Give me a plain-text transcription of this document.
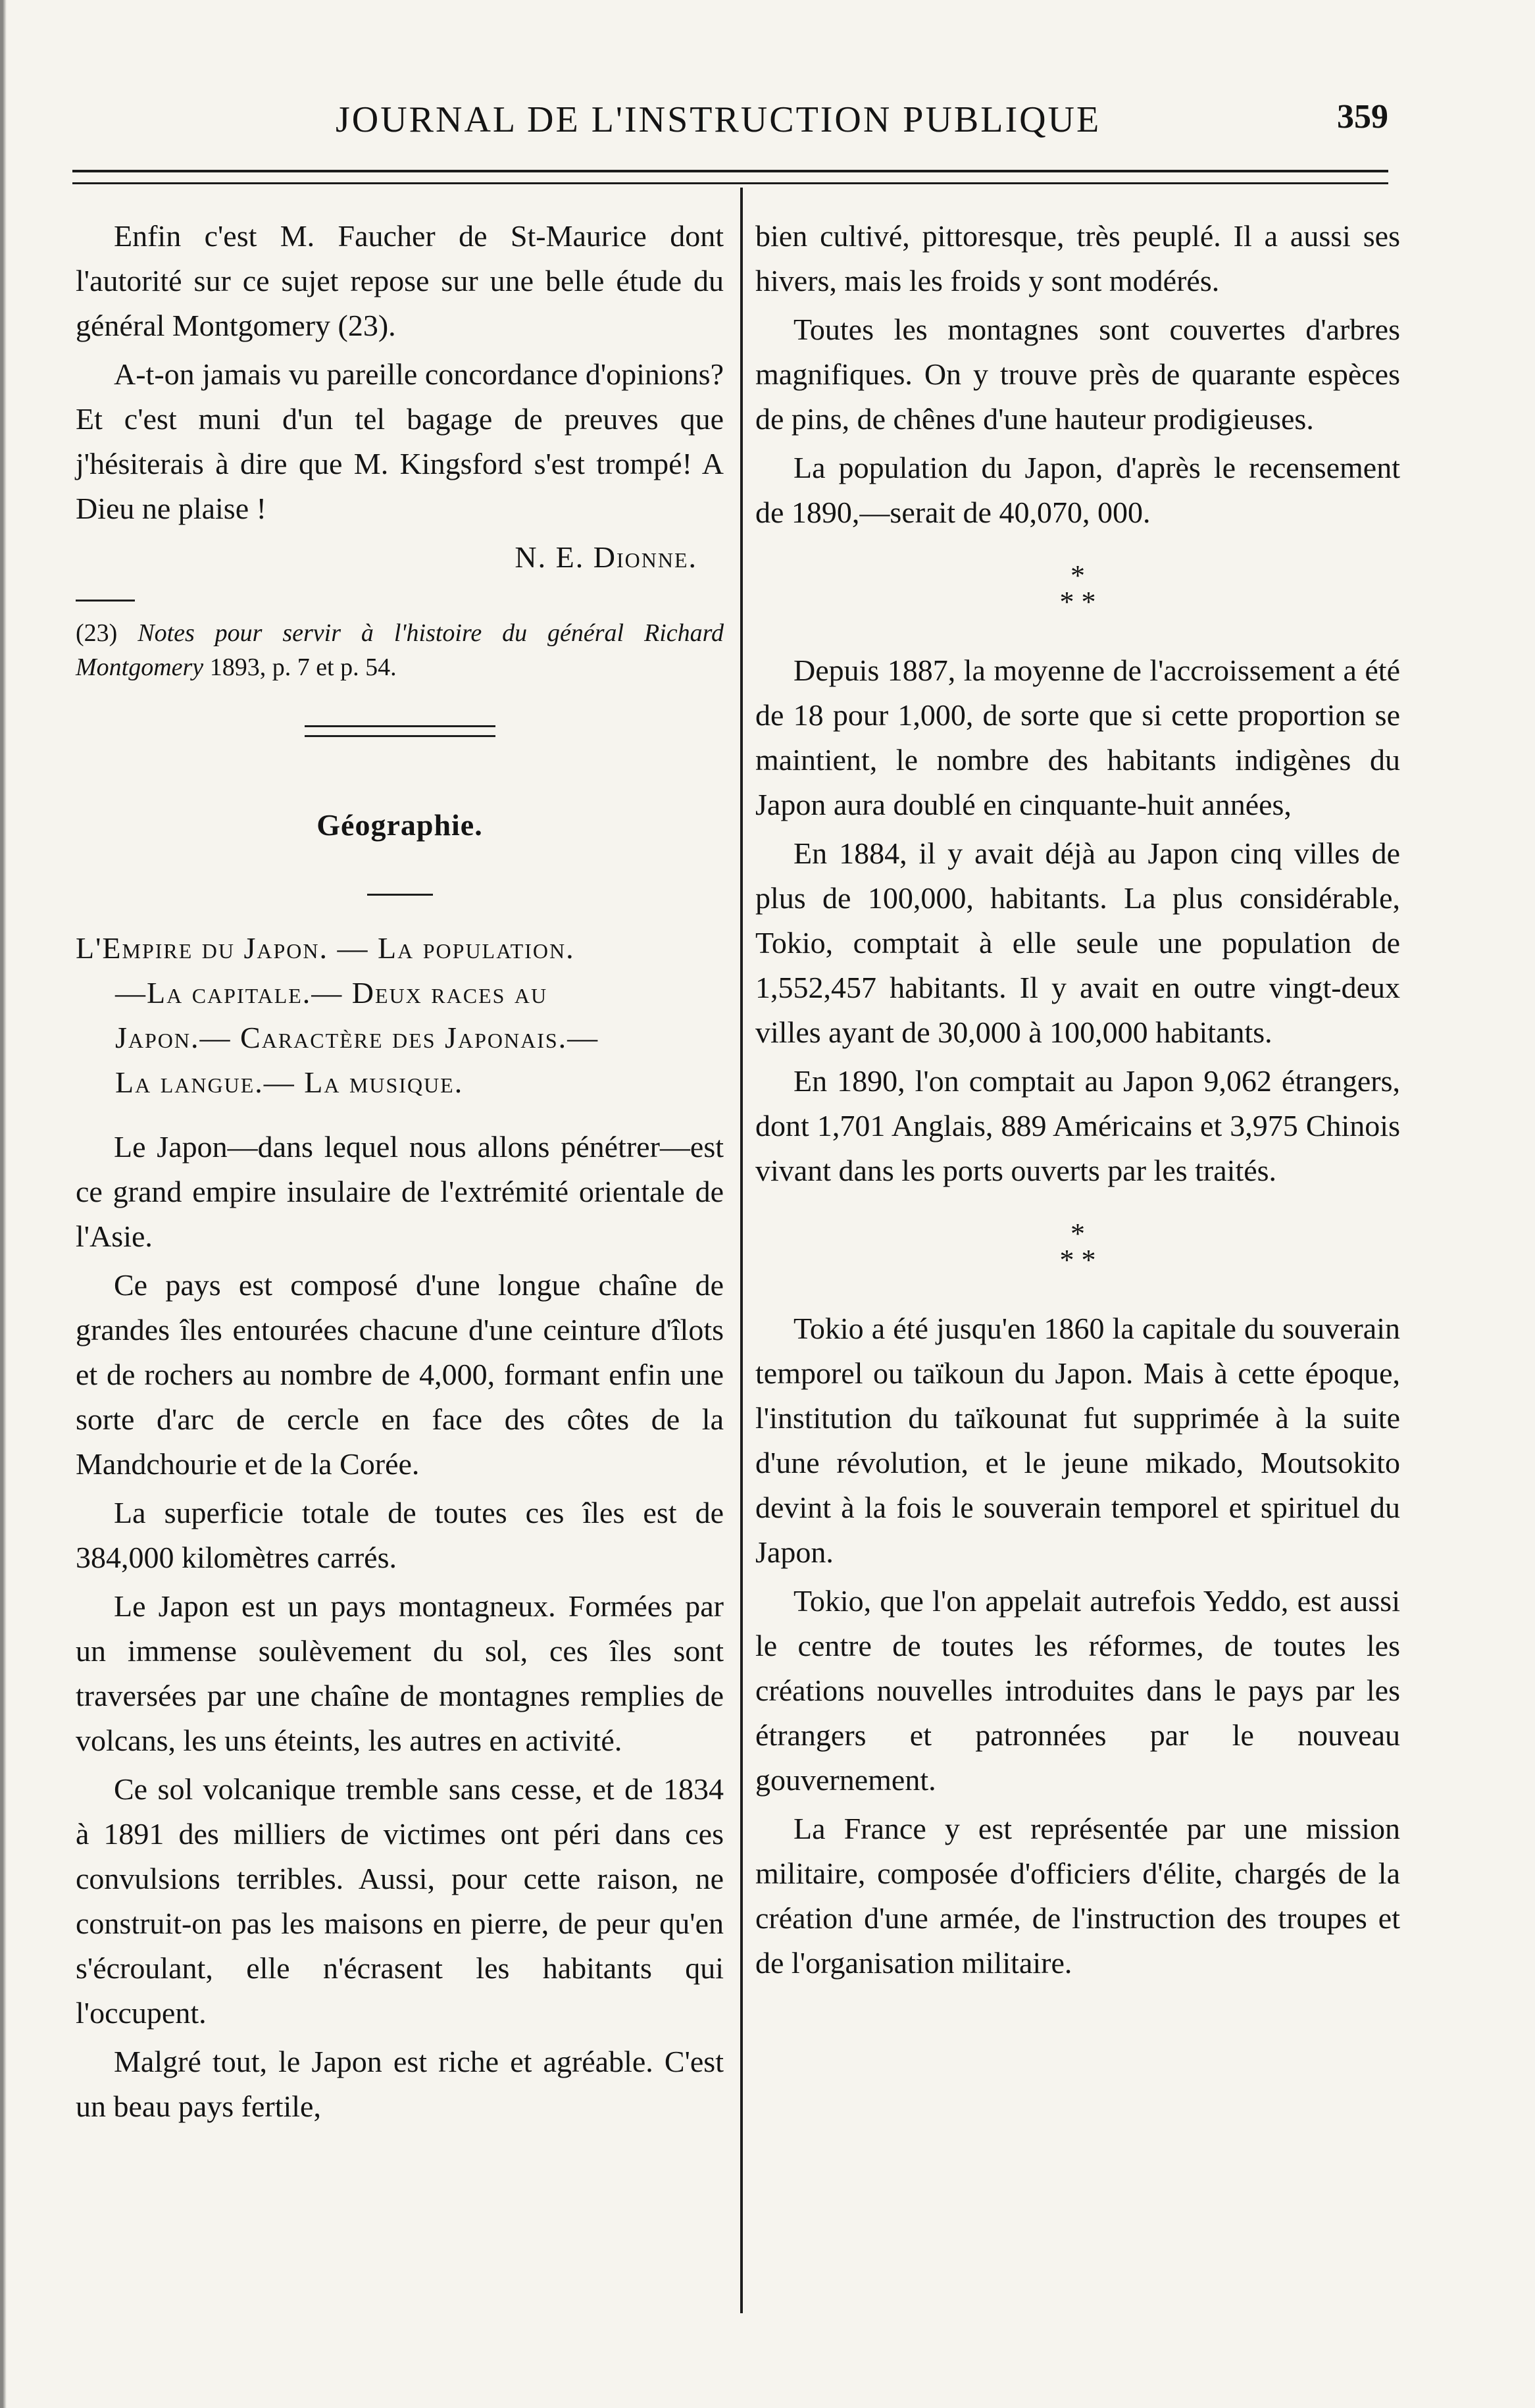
JOURNAL DE L'INSTRUCTION PUBLIQUE	359

Enfin c'est M. Faucher de St-Maurice dont l'autorité sur ce sujet repose sur une belle étude du général Montgomery (23).

A-t-on jamais vu pareille concordance d'opinions? Et c'est muni d'un tel bagage de preuves que j'hésiterais à dire que M. Kingsford s'est trompé! A Dieu ne plaise !

N. E. Dionne.

(23) Notes pour servir à l'histoire du général Richard Montgomery 1893, p. 7 et p. 54.

Géographie.
L'Empire du Japon. — La population.
—La capitale.— Deux races au
Japon.— Caractère des Japonais.—
La langue.— La musique.

Le Japon—dans lequel nous allons pénétrer—est ce grand empire insulaire de l'extrémité orientale de l'Asie.

Ce pays est composé d'une longue chaîne de grandes îles entourées chacune d'une ceinture d'îlots et de rochers au nombre de 4,000, formant enfin une sorte d'arc de cercle en face des côtes de la Mandchourie et de la Corée.

La superficie totale de toutes ces îles est de 384,000 kilomètres carrés.

Le Japon est un pays montagneux. Formées par un immense soulèvement du sol, ces îles sont traversées par une chaîne de montagnes remplies de volcans, les uns éteints, les autres en activité.

Ce sol volcanique tremble sans cesse, et de 1834 à 1891 des milliers de victimes ont péri dans ces convulsions terribles. Aussi, pour cette raison, ne construit-on pas les maisons en pierre, de peur qu'en s'écroulant, elle n'écrasent les habitants qui l'occupent.

Malgré tout, le Japon est riche et agréable. C'est un beau pays fertile,

bien cultivé, pittoresque, très peuplé. Il a aussi ses hivers, mais les froids y sont modérés.

Toutes les montagnes sont couvertes d'arbres magnifiques. On y trouve près de quarante espèces de pins, de chênes d'une hauteur prodigieuses.

La population du Japon, d'après le recensement de 1890,—serait de 40,070, 000.

*
* *

Depuis 1887, la moyenne de l'accroissement a été de 18 pour 1,000, de sorte que si cette proportion se maintient, le nombre des habitants indigènes du Japon aura doublé en cinquante-huit années,

En 1884, il y avait déjà au Japon cinq villes de plus de 100,000, habitants. La plus considérable, Tokio, comptait à elle seule une population de 1,552,457 habitants. Il y avait en outre vingt-deux villes ayant de 30,000 à 100,000 habitants.

En 1890, l'on comptait au Japon 9,062 étrangers, dont 1,701 Anglais, 889 Américains et 3,975 Chinois vivant dans les ports ouverts par les traités.

*
* *

Tokio a été jusqu'en 1860 la capitale du souverain temporel ou taïkoun du Japon. Mais à cette époque, l'institution du taïkounat fut supprimée à la suite d'une révolution, et le jeune mikado, Moutsokito devint à la fois le souverain temporel et spirituel du Japon.

Tokio, que l'on appelait autrefois Yeddo, est aussi le centre de toutes les réformes, de toutes les créations nouvelles introduites dans le pays par les étrangers et patronnées par le nouveau gouvernement.

La France y est représentée par une mission militaire, composée d'officiers d'élite, chargés de la création d'une armée, de l'instruction des troupes et de l'organisation militaire.
